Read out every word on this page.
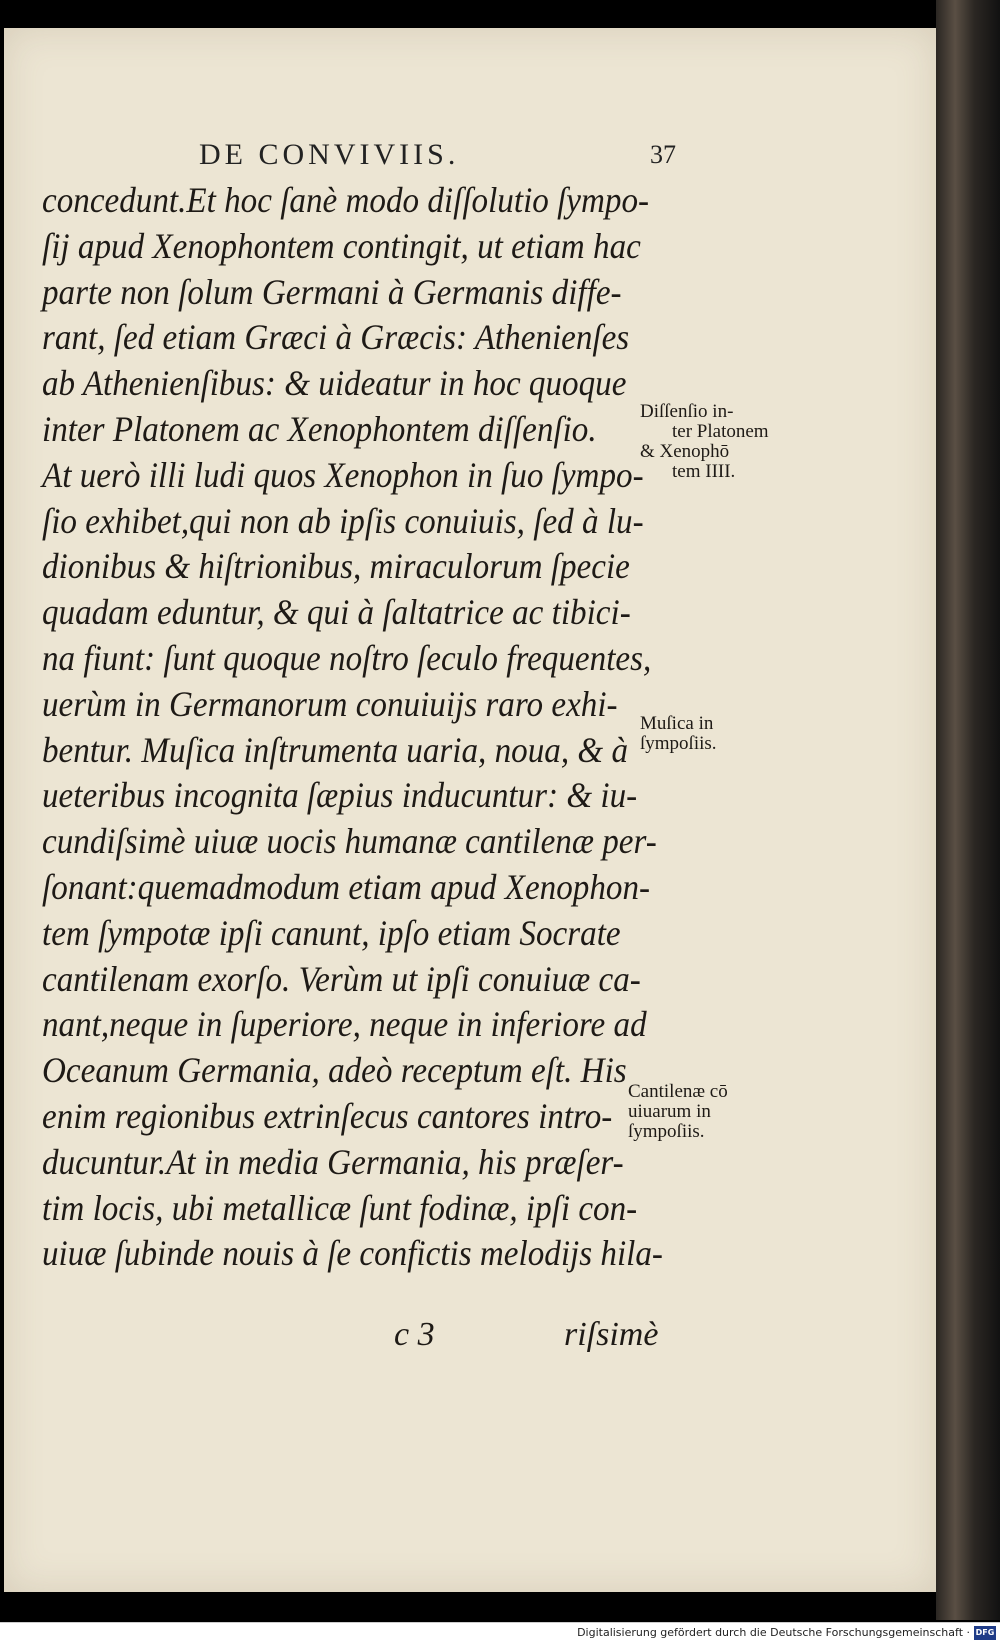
DE CONVIVIIS.	37
concedunt.Et hoc ſanè modo diſſolutio ſympo-
ſij apud Xenophontem contingit, ut etiam hac
parte non ſolum Germani à Germanis diffe-
rant, ſed etiam Græci à Græcis: Athenienſes
ab Athenienſibus: & uideatur in hoc quoque
inter Platonem ac Xenophontem diſſenſio.
At uerò illi ludi quos Xenophon in ſuo ſympo-
ſio exhibet,qui non ab ipſis conuiuis, ſed à lu-
dionibus & hiſtrionibus, miraculorum ſpecie
quadam eduntur, & qui à ſaltatrice ac tibici-
na fiunt: ſunt quoque noſtro ſeculo frequentes,
uerùm in Germanorum conuiuijs raro exhi-
bentur. Muſica inſtrumenta uaria, noua, & à
ueteribus incognita ſæpius inducuntur: & iu-
cundiſsimè uiuæ uocis humanæ cantilenæ per-
ſonant:quemadmodum etiam apud Xenophon-
tem ſympotæ ipſi canunt, ipſo etiam Socrate
cantilenam exorſo. Verùm ut ipſi conuiuæ ca-
nant,neque in ſuperiore, neque in inferiore ad
Oceanum Germania, adeò receptum eſt. His
enim regionibus extrinſecus cantores intro-
ducuntur.At in media Germania, his præſer-
tim locis, ubi metallicæ ſunt fodinæ, ipſi con-
uiuæ ſubinde nouis à ſe confictis melodijs hila-
Diſſenſio in-
ter Platonem
& Xenophō
tem IIII.
Muſica in
ſympoſiis.
Cantilenæ cō
uiuarum in
ſympoſiis.
c 3	riſsimè
Digitalisierung gefördert durch die Deutsche Forschungsgemeinschaft · DFG
